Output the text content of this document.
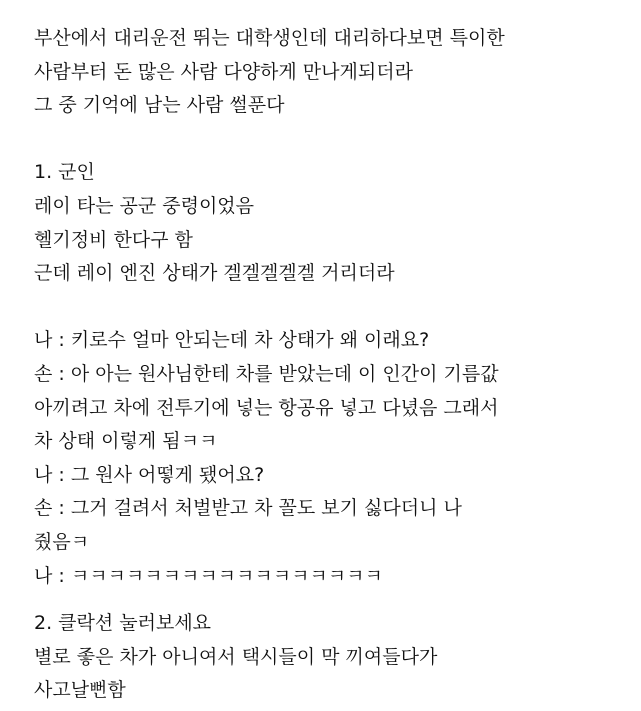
부산에서 대리운전 뛰는 대학생인데 대리하다보면 특이한
사람부터 돈 많은 사람 다양하게 만나게되더라
그 중 기억에 남는 사람 썰푼다
1. 군인
레이 타는 공군 중령이었음
헬기정비 한다구 함
근데 레이 엔진 상태가 겔겔겔겔겔 거리더라
나 : 키로수 얼마 안되는데 차 상태가 왜 이래요?
손 : 아 아는 원사님한테 차를 받았는데 이 인간이 기름값
아끼려고 차에 전투기에 넣는 항공유 넣고 다녔음 그래서
차 상태 이렇게 됨ㅋㅋ
나 : 그 원사 어떻게 됐어요?
손 : 그거 걸려서 처벌받고 차 꼴도 보기 싫다더니 나
줬음ㅋ
나 : ㅋㅋㅋㅋㅋㅋㅋㅋㅋㅋㅋㅋㅋㅋㅋㅋㅋ
2. 클락션 눌러보세요
별로 좋은 차가 아니여서 택시들이 막 끼여들다가
사고날뻔함
